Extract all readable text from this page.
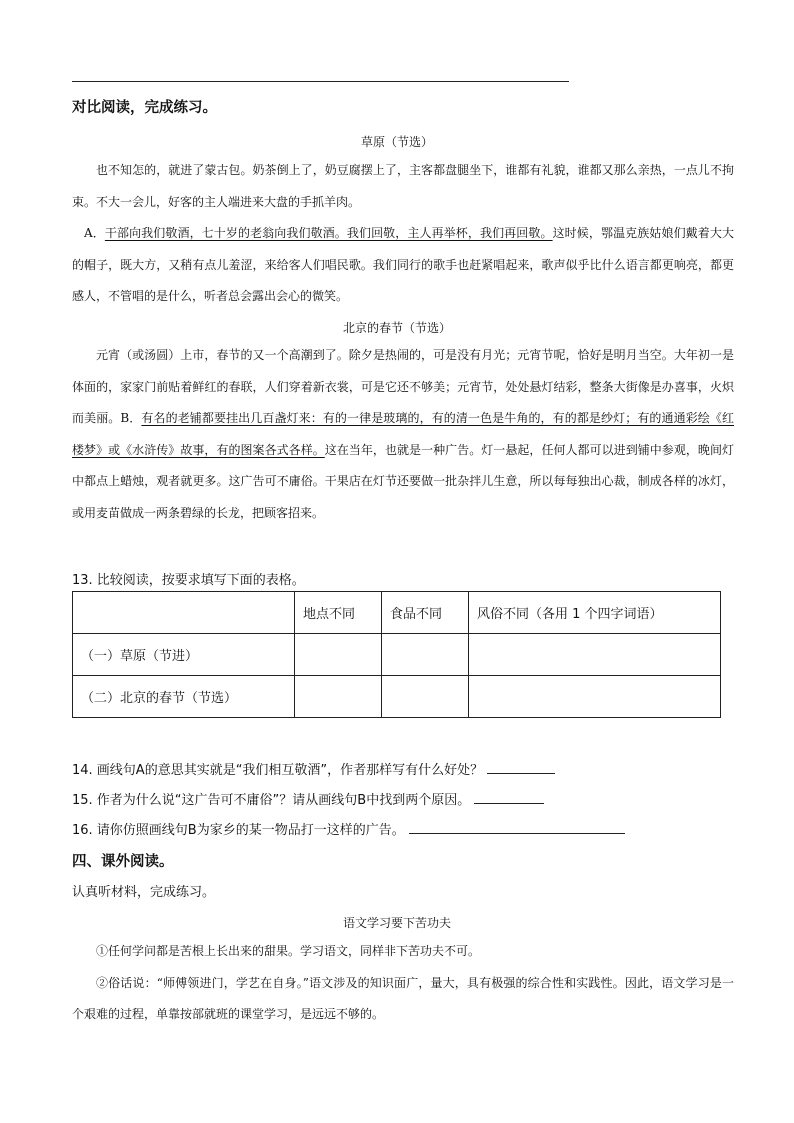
对比阅读，完成练习。
草原（节选）

也不知怎的，就进了蒙古包。奶茶倒上了，奶豆腐摆上了，主客都盘腿坐下，谁都有礼貌，谁都又那么亲热，一点儿不拘束。不大一会儿，好客的主人端进来大盘的手抓羊肉。

A．干部向我们敬酒，七十岁的老翁向我们敬酒。我们回敬，主人再举杯，我们再回敬。这时候，鄂温克族姑娘们戴着大大的帽子，既大方，又稍有点儿羞涩，来给客人们唱民歌。我们同行的歌手也赶紧唱起来，歌声似乎比什么语言都更响亮，都更感人，不管唱的是什么，听者总会露出会心的微笑。

北京的春节（节选）

元宵（或汤圆）上市，春节的又一个高潮到了。除夕是热闹的，可是没有月光；元宵节呢，恰好是明月当空。大年初一是体面的，家家门前贴着鲜红的春联，人们穿着新衣裳，可是它还不够美；元宵节，处处悬灯结彩，整条大街像是办喜事，火炽而美丽。B．有名的老铺都要挂出几百盏灯来：有的一律是玻璃的，有的清一色是牛角的，有的都是纱灯；有的通通彩绘《红楼梦》或《水浒传》故事，有的图案各式各样。这在当年，也就是一种广告。灯一悬起，任何人都可以进到铺中参观，晚间灯中都点上蜡烛，观者就更多。这广告可不庸俗。干果店在灯节还要做一批杂拌儿生意，所以每每独出心裁，制成各样的冰灯，或用麦苗做成一两条碧绿的长龙，把顾客招来。

13. 比较阅读，按要求填写下面的表格。
	地点不同	食品不同	风俗不同（各用 1 个四字词语）
（一）草原（节进）			
（二）北京的春节（节选）			
14. 画线句A的意思其实就是“我们相互敬酒”，作者那样写有什么好处？
15. 作者为什么说“这广告可不庸俗”？请从画线句B中找到两个原因。
16. 请你仿照画线句B为家乡的某一物品打一这样的广告。
四、课外阅读。
认真听材料，完成练习。
语文学习要下苦功夫

①任何学问都是苦根上长出来的甜果。学习语文，同样非下苦功夫不可。

②俗话说：“师傅领进门，学艺在自身。”语文涉及的知识面广，量大，具有极强的综合性和实践性。因此，语文学习是一个艰难的过程，单靠按部就班的课堂学习，是远远不够的。
